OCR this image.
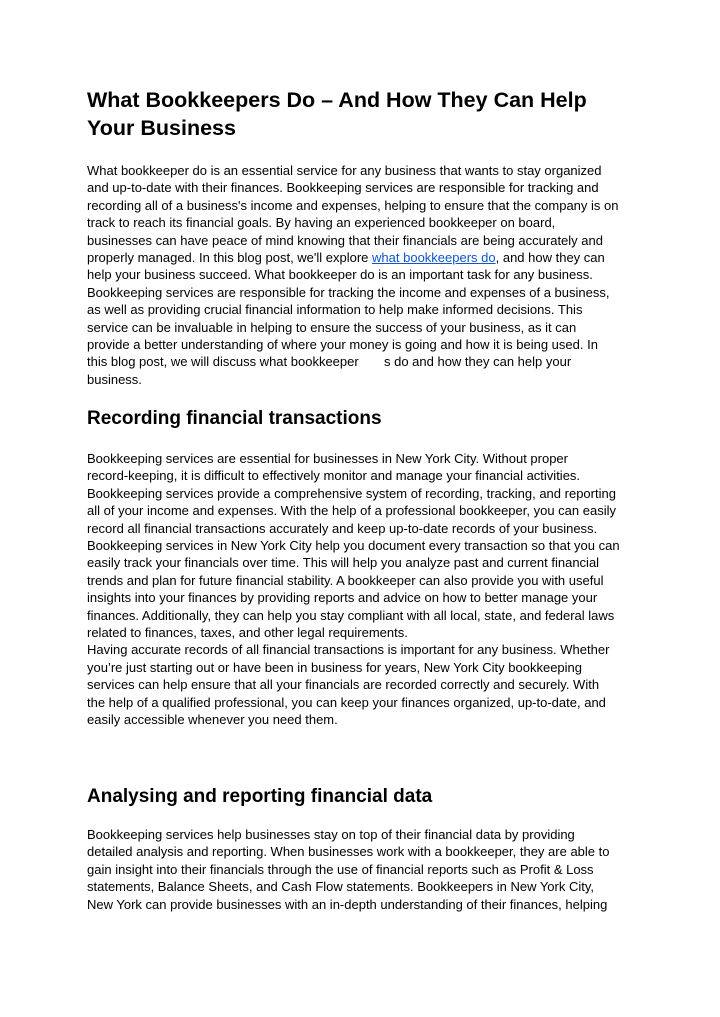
What Bookkeepers Do – And How They Can Help
Your Business

What bookkeeper do is an essential service for any business that wants to stay organized
and up-to-date with their finances. Bookkeeping services are responsible for tracking and
recording all of a business's income and expenses, helping to ensure that the company is on
track to reach its financial goals. By having an experienced bookkeeper on board,
businesses can have peace of mind knowing that their financials are being accurately and
properly managed. In this blog post, we'll explore what bookkeepers do, and how they can
help your business succeed. What bookkeeper do is an important task for any business.
Bookkeeping services are responsible for tracking the income and expenses of a business,
as well as providing crucial financial information to help make informed decisions. This
service can be invaluable in helping to ensure the success of your business, as it can
provide a better understanding of where your money is going and how it is being used. In
this blog post, we will discuss what bookkeeper       s do and how they can help your
business.

Recording financial transactions

Bookkeeping services are essential for businesses in New York City. Without proper
record-keeping, it is difficult to effectively monitor and manage your financial activities.
Bookkeeping services provide a comprehensive system of recording, tracking, and reporting
all of your income and expenses. With the help of a professional bookkeeper, you can easily
record all financial transactions accurately and keep up-to-date records of your business.
Bookkeeping services in New York City help you document every transaction so that you can
easily track your financials over time. This will help you analyze past and current financial
trends and plan for future financial stability. A bookkeeper can also provide you with useful
insights into your finances by providing reports and advice on how to better manage your
finances. Additionally, they can help you stay compliant with all local, state, and federal laws
related to finances, taxes, and other legal requirements.
Having accurate records of all financial transactions is important for any business. Whether
you’re just starting out or have been in business for years, New York City bookkeeping
services can help ensure that all your financials are recorded correctly and securely. With
the help of a qualified professional, you can keep your finances organized, up-to-date, and
easily accessible whenever you need them.

Analysing and reporting financial data

Bookkeeping services help businesses stay on top of their financial data by providing
detailed analysis and reporting. When businesses work with a bookkeeper, they are able to
gain insight into their financials through the use of financial reports such as Profit & Loss
statements, Balance Sheets, and Cash Flow statements. Bookkeepers in New York City,
New York can provide businesses with an in-depth understanding of their finances, helping
